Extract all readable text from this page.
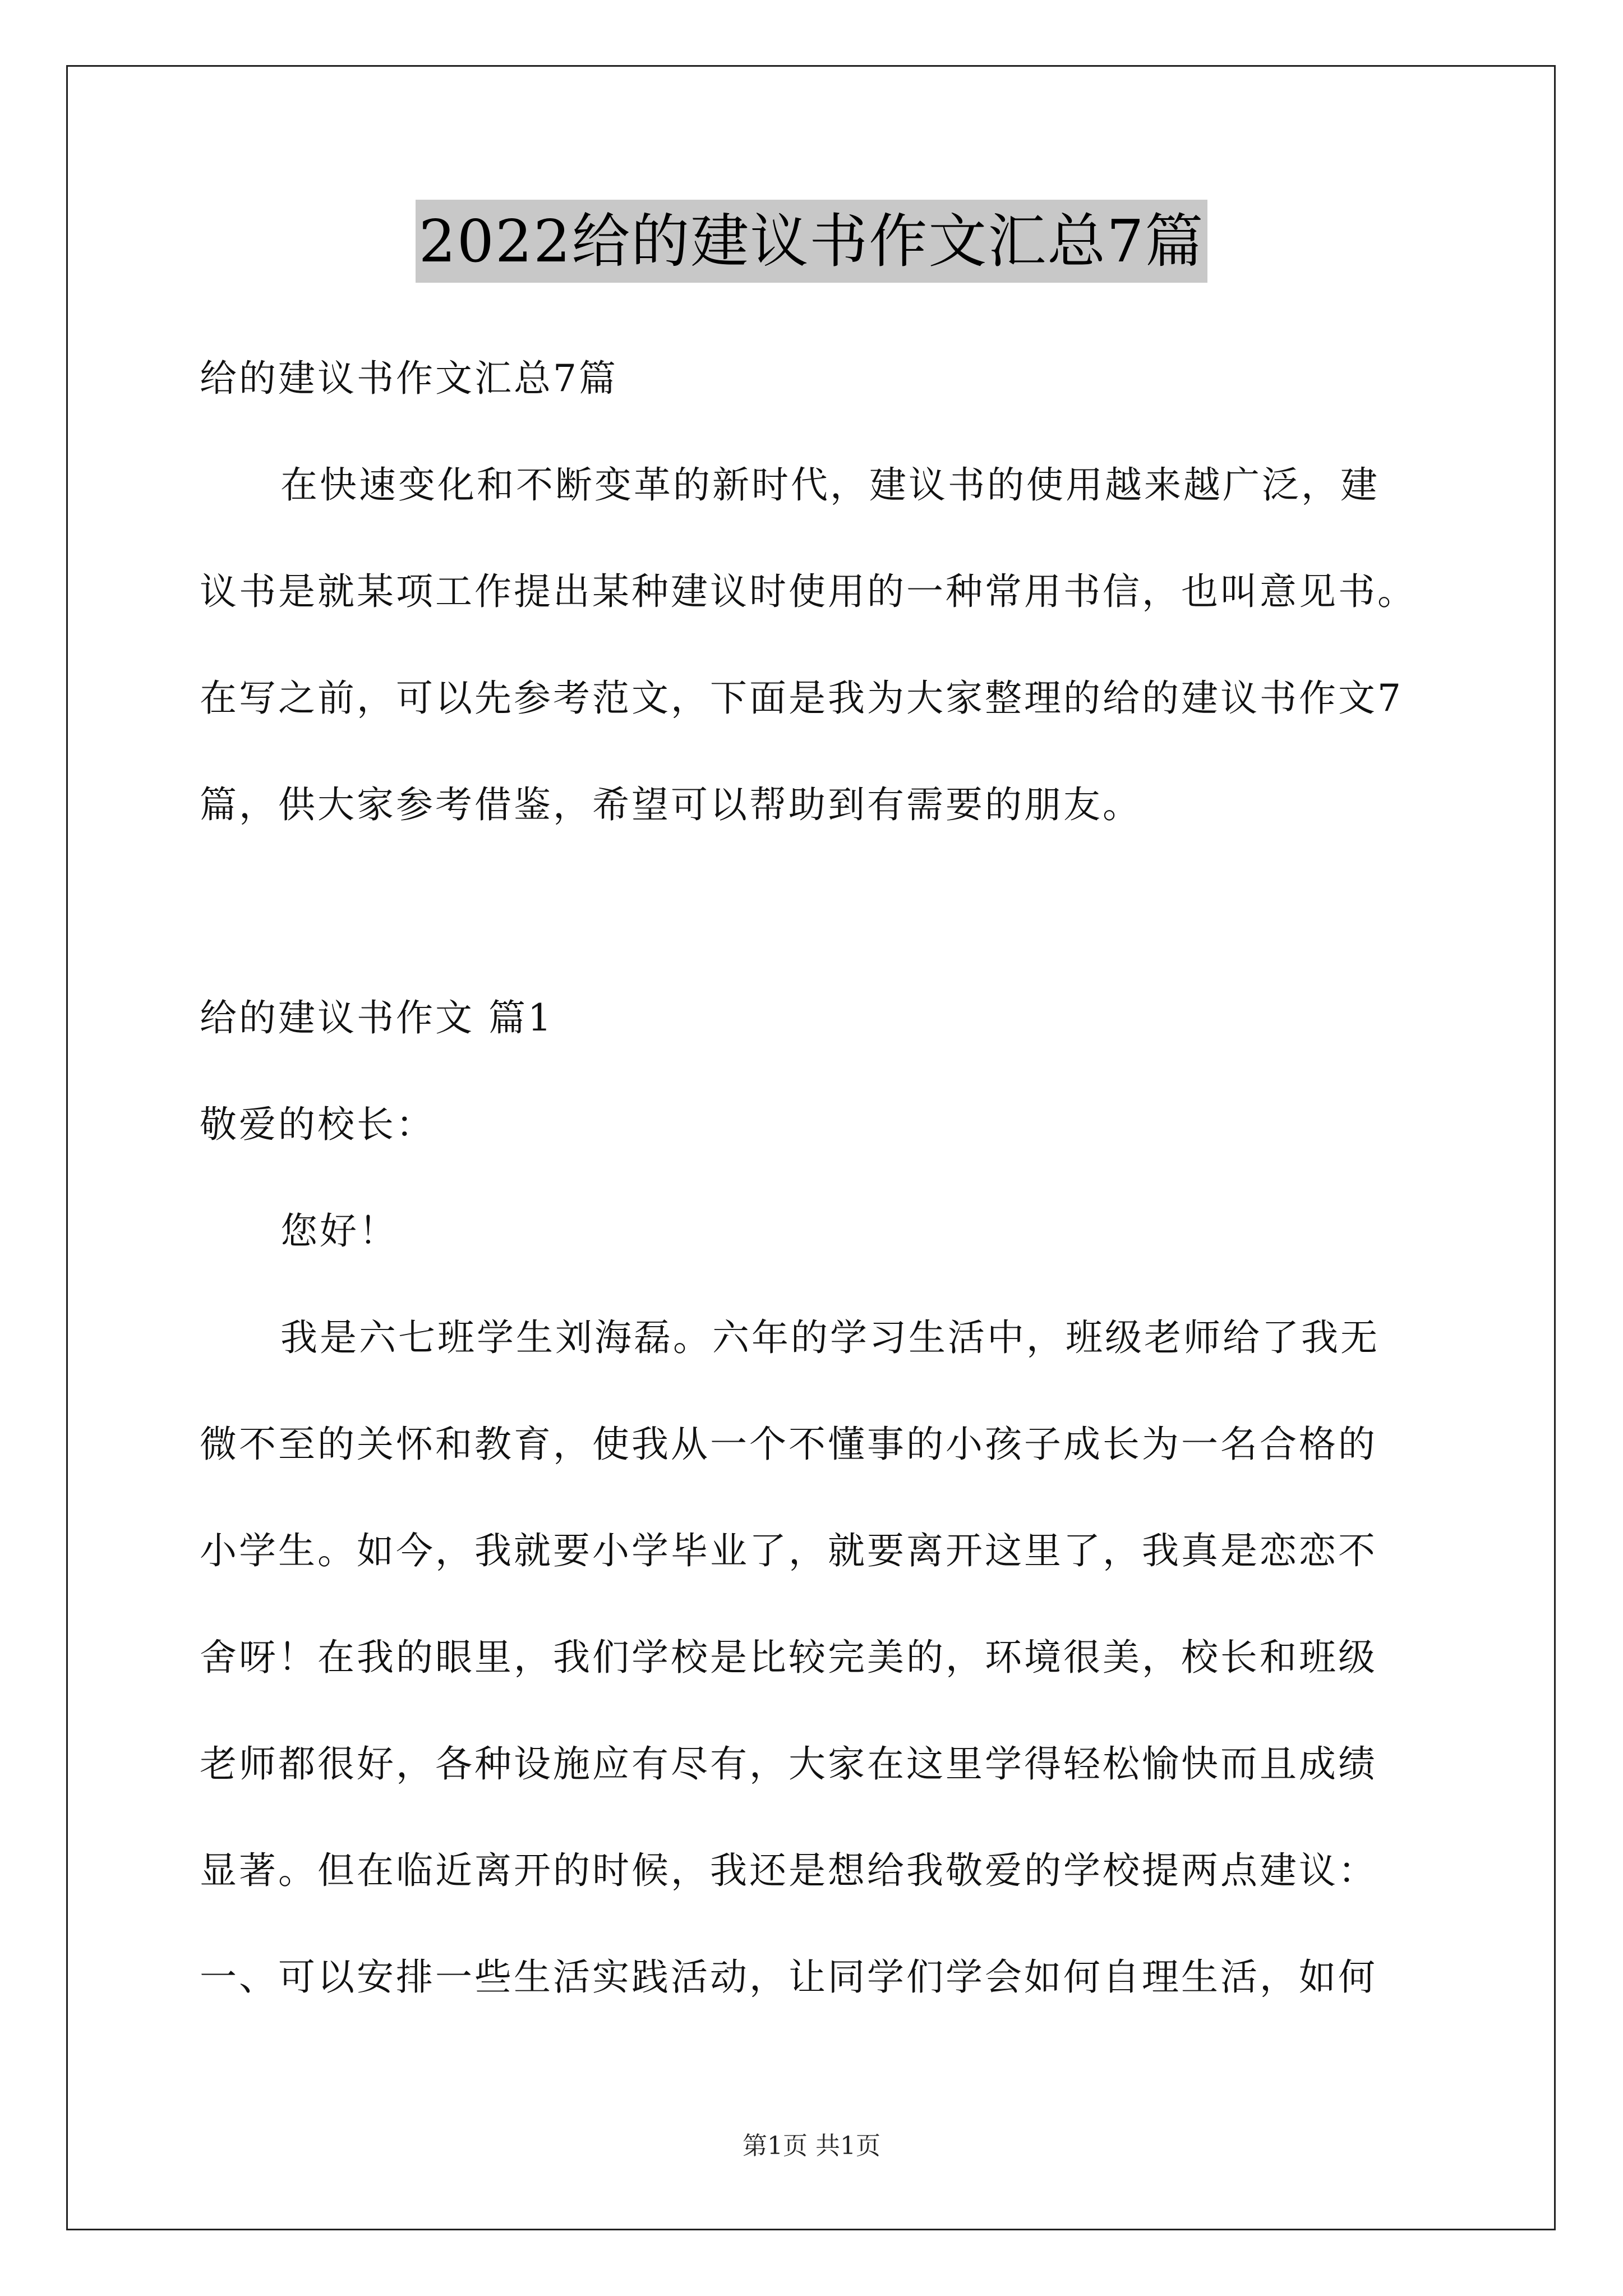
2022给的建议书作文汇总7篇
给的建议书作文汇总7篇
在快速变化和不断变革的新时代，建议书的使用越来越广泛，建
议书是就某项工作提出某种建议时使用的一种常用书信，也叫意见书。
在写之前，可以先参考范文，下面是我为大家整理的给的建议书作文7
篇，供大家参考借鉴，希望可以帮助到有需要的朋友。
给的建议书作文 篇1
敬爱的校长：
您好！
我是六七班学生刘海磊。六年的学习生活中，班级老师给了我无
微不至的关怀和教育，使我从一个不懂事的小孩子成长为一名合格的
小学生。如今，我就要小学毕业了，就要离开这里了，我真是恋恋不
舍呀！在我的眼里，我们学校是比较完美的，环境很美，校长和班级
老师都很好，各种设施应有尽有，大家在这里学得轻松愉快而且成绩
显著。但在临近离开的时候，我还是想给我敬爱的学校提两点建议：
一、可以安排一些生活实践活动，让同学们学会如何自理生活，如何
第1页 共1页
